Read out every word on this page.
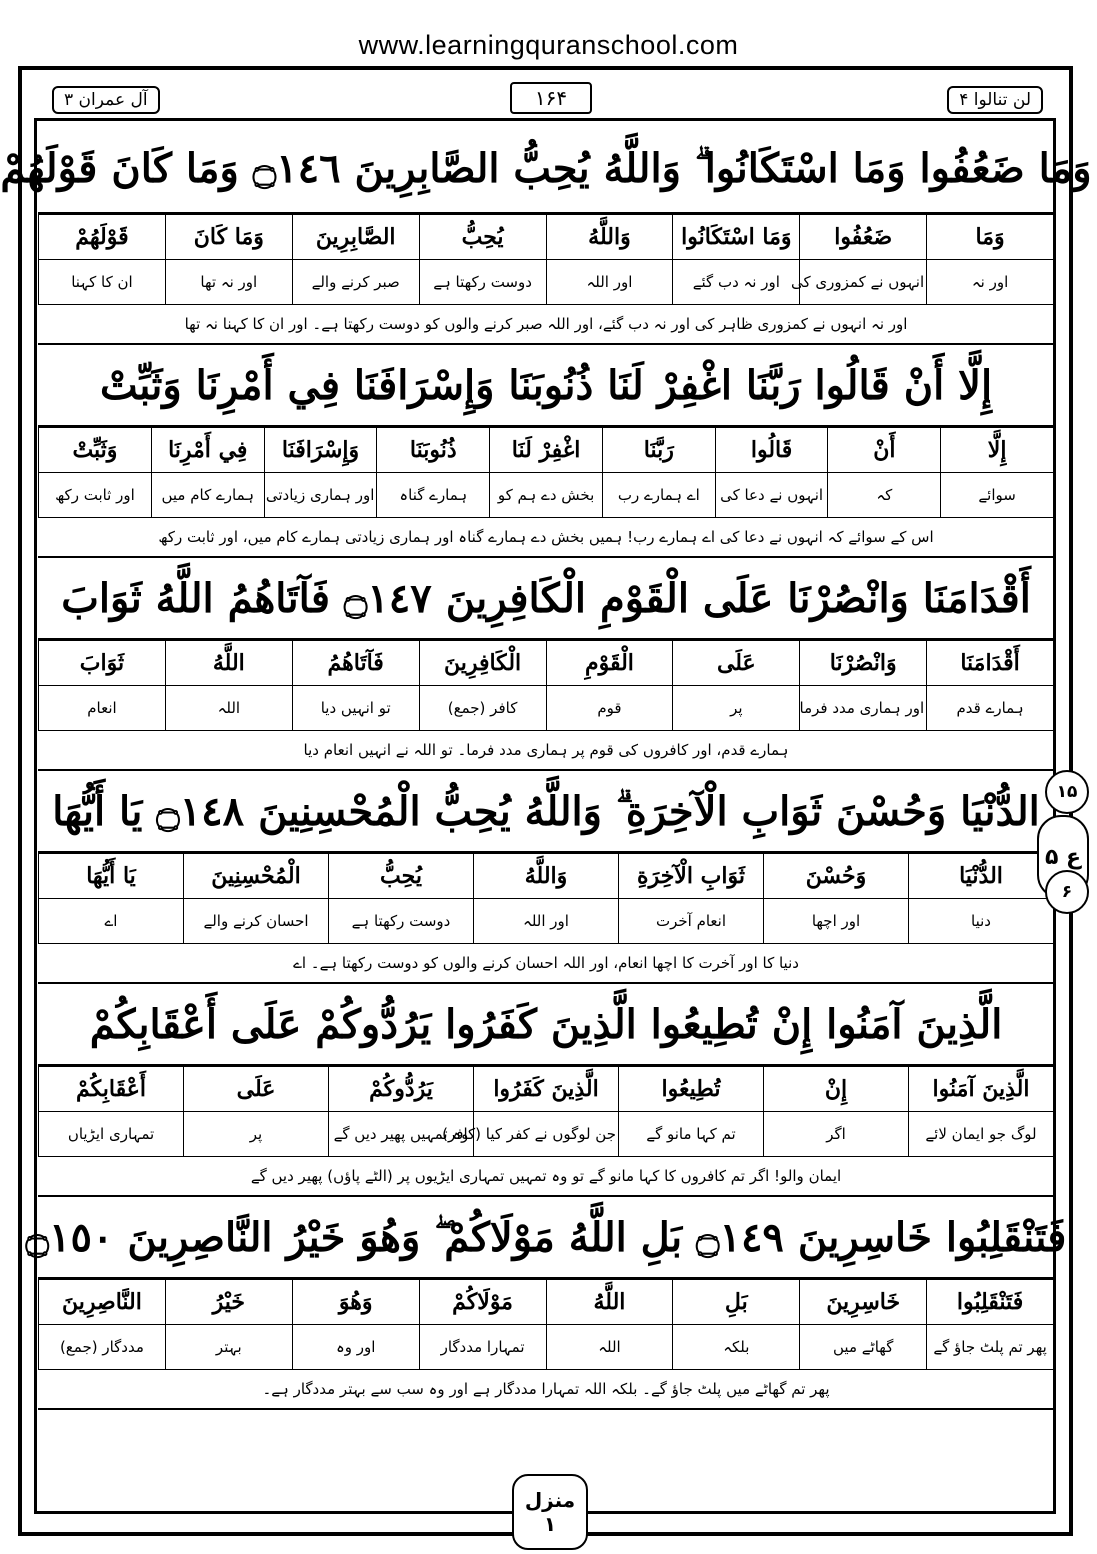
www.learningquranschool.com
لن تنالوا ۴
۱۶۴
آل عمران ۳
وَمَا ضَعُفُوا وَمَا اسْتَكَانُوا ۗ وَاللَّهُ يُحِبُّ الصَّابِرِينَ ۝١٤٦ وَمَا كَانَ قَوْلَهُمْ
وَمَا	ضَعُفُوا	وَمَا اسْتَكَانُوا	وَاللَّهُ	يُحِبُّ	الصَّابِرِينَ	وَمَا كَانَ	قَوْلَهُمْ
اور نہ	انہوں نے کمزوری کی	اور نہ دب گئے	اور اللہ	دوست رکھتا ہے	صبر کرنے والے	اور نہ تھا	ان کا کہنا
اور نہ انہوں نے کمزوری ظاہر کی اور نہ دب گئے، اور اللہ صبر کرنے والوں کو دوست رکھتا ہے۔ اور ان کا کہنا نہ تھا
إِلَّا أَنْ قَالُوا رَبَّنَا اغْفِرْ لَنَا ذُنُوبَنَا وَإِسْرَافَنَا فِي أَمْرِنَا وَثَبِّتْ
إِلَّا	أَنْ	قَالُوا	رَبَّنَا	اغْفِرْ لَنَا	ذُنُوبَنَا	وَإِسْرَافَنَا	فِي أَمْرِنَا	وَثَبِّتْ
سوائے	کہ	انہوں نے دعا کی	اے ہمارے رب	بخش دے ہم کو	ہمارے گناہ	اور ہماری زیادتی	ہمارے کام میں	اور ثابت رکھ
اس کے سوائے کہ انہوں نے دعا کی اے ہمارے رب! ہمیں بخش دے ہمارے گناہ اور ہماری زیادتی ہمارے کام میں، اور ثابت رکھ
أَقْدَامَنَا وَانْصُرْنَا عَلَى الْقَوْمِ الْكَافِرِينَ ۝١٤٧ فَآتَاهُمُ اللَّهُ ثَوَابَ
أَقْدَامَنَا	وَانْصُرْنَا	عَلَى	الْقَوْمِ	الْكَافِرِينَ	فَآتَاهُمُ	اللَّهُ	ثَوَابَ
ہمارے قدم	اور ہماری مدد فرما	پر	قوم	کافر (جمع)	تو انہیں دیا	اللہ	انعام
ہمارے قدم، اور کافروں کی قوم پر ہماری مدد فرما۔ تو اللہ نے انہیں انعام دیا
الدُّنْيَا وَحُسْنَ ثَوَابِ الْآخِرَةِ ۗ وَاللَّهُ يُحِبُّ الْمُحْسِنِينَ ۝١٤٨ يَا أَيُّهَا
الدُّنْيَا	وَحُسْنَ	ثَوَابِ الْآخِرَةِ	وَاللَّهُ	يُحِبُّ	الْمُحْسِنِينَ	يَا أَيُّهَا
دنیا	اور اچھا	انعام آخرت	اور اللہ	دوست رکھتا ہے	احسان کرنے والے	اے
دنیا کا اور آخرت کا اچھا انعام، اور اللہ احسان کرنے والوں کو دوست رکھتا ہے۔ اے
الَّذِينَ آمَنُوا إِنْ تُطِيعُوا الَّذِينَ كَفَرُوا يَرُدُّوكُمْ عَلَى أَعْقَابِكُمْ
الَّذِينَ آمَنُوا	إِنْ	تُطِيعُوا	الَّذِينَ كَفَرُوا	يَرُدُّوكُمْ	عَلَى	أَعْقَابِكُمْ
لوگ جو ایمان لائے	اگر	تم کہا مانو گے	جن لوگوں نے کفر کیا (کافر)	وہ تمہیں پھیر دیں گے	پر	تمہاری ایڑیاں
ایمان والو! اگر تم کافروں کا کہا مانو گے تو وہ تمہیں تمہاری ایڑیوں پر (الٹے پاؤں) پھیر دیں گے
فَتَنْقَلِبُوا خَاسِرِينَ ۝١٤٩ بَلِ اللَّهُ مَوْلَاكُمْ ۖ وَهُوَ خَيْرُ النَّاصِرِينَ ۝١٥٠
فَتَنْقَلِبُوا	خَاسِرِينَ	بَلِ	اللَّهُ	مَوْلَاكُمْ	وَهُوَ	خَيْرُ	النَّاصِرِينَ
پھر تم پلٹ جاؤ گے	گھاٹے میں	بلکہ	اللہ	تمہارا مددگار	اور وہ	بہتر	مددگار (جمع)
پھر تم گھاٹے میں پلٹ جاؤ گے۔ بلکہ اللہ تمہارا مددگار ہے اور وہ سب سے بہتر مددگار ہے۔
۱۵
ع ۵
۶
منزل
۱
